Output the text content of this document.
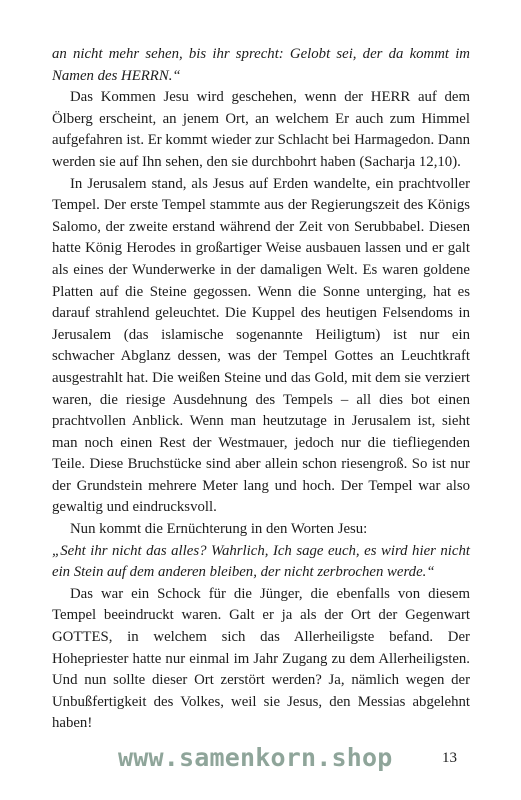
an nicht mehr sehen, bis ihr sprecht: Gelobt sei, der da kommt im Namen des HERRN.“

Das Kommen Jesu wird geschehen, wenn der HERR auf dem Ölberg erscheint, an jenem Ort, an welchem Er auch zum Himmel aufgefahren ist. Er kommt wieder zur Schlacht bei Harmagedon. Dann werden sie auf Ihn sehen, den sie durchbohrt haben (Sacharja 12,10).

In Jerusalem stand, als Jesus auf Erden wandelte, ein prachtvoller Tempel. Der erste Tempel stammte aus der Regierungszeit des Königs Salomo, der zweite erstand während der Zeit von Serubbabel. Diesen hatte König Herodes in großartiger Weise ausbauen lassen und er galt als eines der Wunderwerke in der damaligen Welt. Es waren goldene Platten auf die Steine gegossen. Wenn die Sonne unterging, hat es darauf strahlend geleuchtet. Die Kuppel des heutigen Felsendoms in Jerusalem (das islamische sogenannte Heiligtum) ist nur ein schwacher Abglanz dessen, was der Tempel Gottes an Leuchtkraft ausgestrahlt hat. Die weißen Steine und das Gold, mit dem sie verziert waren, die riesige Ausdehnung des Tempels – all dies bot einen prachtvollen Anblick. Wenn man heutzutage in Jerusalem ist, sieht man noch einen Rest der Westmauer, jedoch nur die tiefliegenden Teile. Diese Bruchstücke sind aber allein schon riesengroß. So ist nur der Grundstein mehrere Meter lang und hoch. Der Tempel war also gewaltig und eindrucksvoll.

Nun kommt die Ernüchterung in den Worten Jesu:

„Seht ihr nicht das alles? Wahrlich, Ich sage euch, es wird hier nicht ein Stein auf dem anderen bleiben, der nicht zerbrochen werde.“

Das war ein Schock für die Jünger, die ebenfalls von diesem Tempel beeindruckt waren. Galt er ja als der Ort der Gegenwart GOTTES, in welchem sich das Allerheiligste befand. Der Hohepriester hatte nur einmal im Jahr Zugang zu dem Allerheiligsten. Und nun sollte dieser Ort zerstört werden? Ja, nämlich wegen der Unbußfertigkeit des Volkes, weil sie Jesus, den Messias abgelehnt haben!

www.samenkorn.shop	13
